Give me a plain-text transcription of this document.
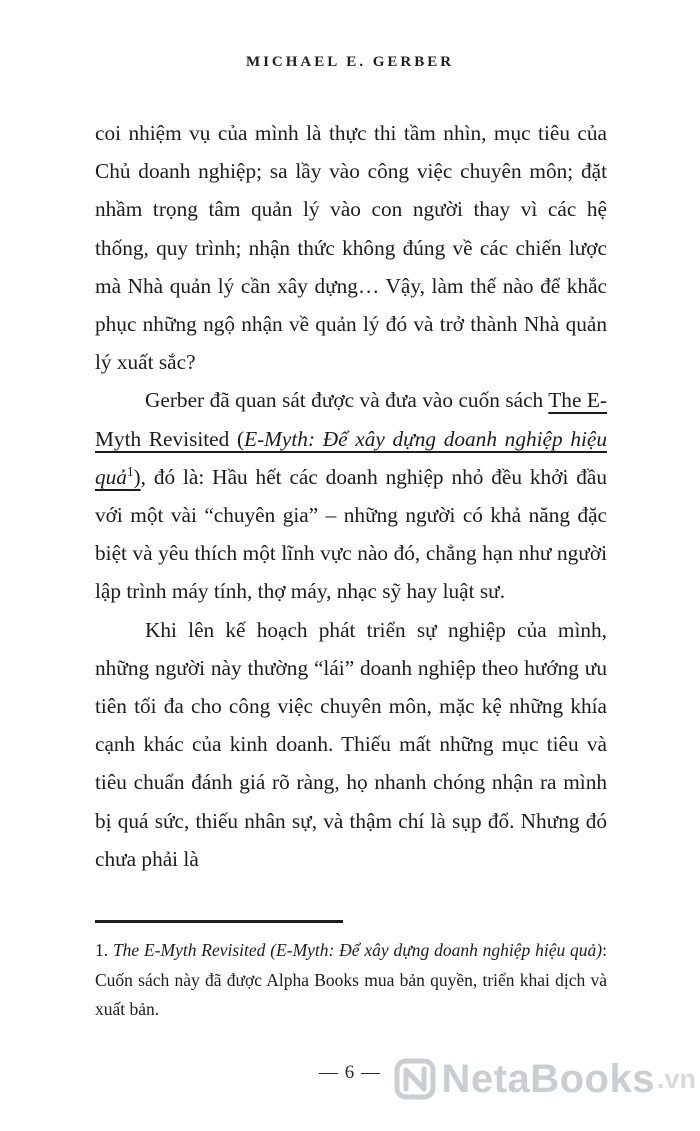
MICHAEL E. GERBER

coi nhiệm vụ của mình là thực thi tầm nhìn, mục tiêu của Chủ doanh nghiệp; sa lầy vào công việc chuyên môn; đặt nhầm trọng tâm quản lý vào con người thay vì các hệ thống, quy trình; nhận thức không đúng về các chiến lược mà Nhà quản lý cần xây dựng… Vậy, làm thế nào để khắc phục những ngộ nhận về quản lý đó và trở thành Nhà quản lý xuất sắc?

Gerber đã quan sát được và đưa vào cuốn sách The E-Myth Revisited (E-Myth: Để xây dựng doanh nghiệp hiệu quả$^1$), đó là: Hầu hết các doanh nghiệp nhỏ đều khởi đầu với một vài “chuyên gia” – những người có khả năng đặc biệt và yêu thích một lĩnh vực nào đó, chẳng hạn như người lập trình máy tính, thợ máy, nhạc sỹ hay luật sư.

Khi lên kế hoạch phát triển sự nghiệp của mình, những người này thường “lái” doanh nghiệp theo hướng ưu tiên tối đa cho công việc chuyên môn, mặc kệ những khía cạnh khác của kinh doanh. Thiếu mất những mục tiêu và tiêu chuẩn đánh giá rõ ràng, họ nhanh chóng nhận ra mình bị quá sức, thiếu nhân sự, và thậm chí là sụp đổ. Nhưng đó chưa phải là

1. The E-Myth Revisited (E-Myth: Để xây dựng doanh nghiệp hiệu quả): Cuốn sách này đã được Alpha Books mua bản quyền, triển khai dịch và xuất bản.
— 6 —	NetaBooks .vn
